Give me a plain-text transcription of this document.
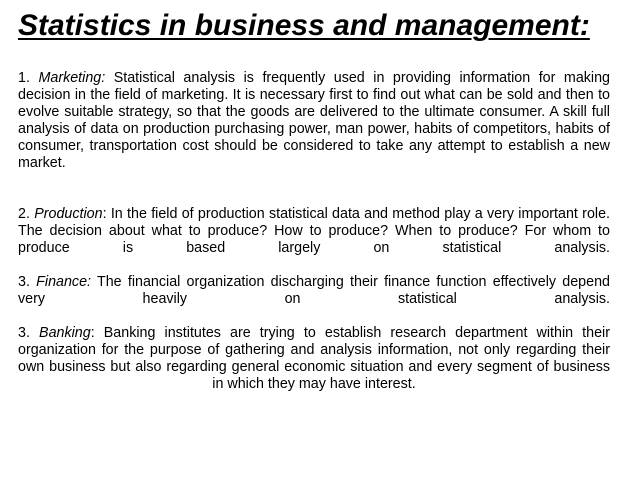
Statistics in business and management:

1. Marketing: Statistical analysis is frequently used in providing information for making decision in the field of marketing. It is necessary first to find out what can be sold and then to evolve suitable strategy, so that the goods are delivered to the ultimate consumer. A skill full analysis of data on production purchasing power, man power, habits of competitors, habits of consumer, transportation cost should be considered to take any attempt to establish a new market.

2. Production: In the field of production statistical data and method play a very important role. The decision about what to produce? How to produce? When to produce? For whom to produce is based largely on statistical analysis.

3. Finance: The financial organization discharging their finance function effectively depend very heavily on statistical analysis.

3. Banking: Banking institutes are trying to establish research department within their organization for the purpose of gathering and analysis information, not only regarding their own business but also regarding general economic situation and every segment of business in which they may have interest.
